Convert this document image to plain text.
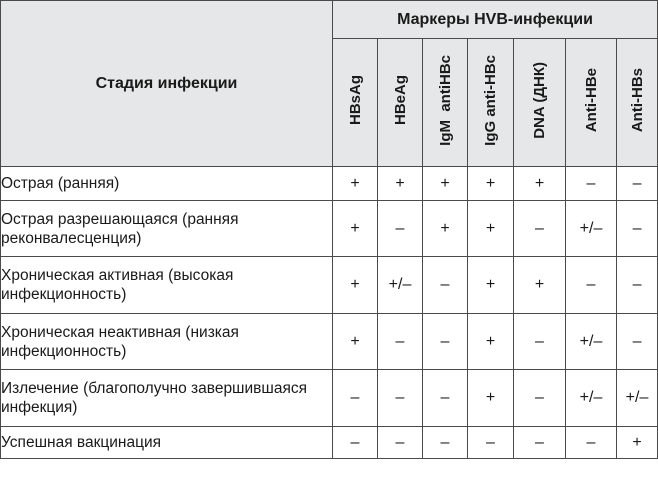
Стадия инфекции	Маркеры HVB-инфекции						
	HBsAg	HBeAg	IgM  antiHBc	IgG anti-HBc	DNA (ДНК)	Anti-HBe	Anti-HBs
Острая (ранняя)	+	+	+	+	+	–	–
Острая разрешающаяся (ранняя реконвалесценция)	+	–	+	+	–	+/–	–
Хроническая активная (высокая инфекционность)	+	+/–	–	+	+	–	–
Хроническая неактивная (низкая инфекционность)	+	–	–	+	–	+/–	–
Излечение (благополучно завершившаяся инфекция)	–	–	–	+	–	+/–	+/–
Успешная вакцинация	–	–	–	–	–	–	+
